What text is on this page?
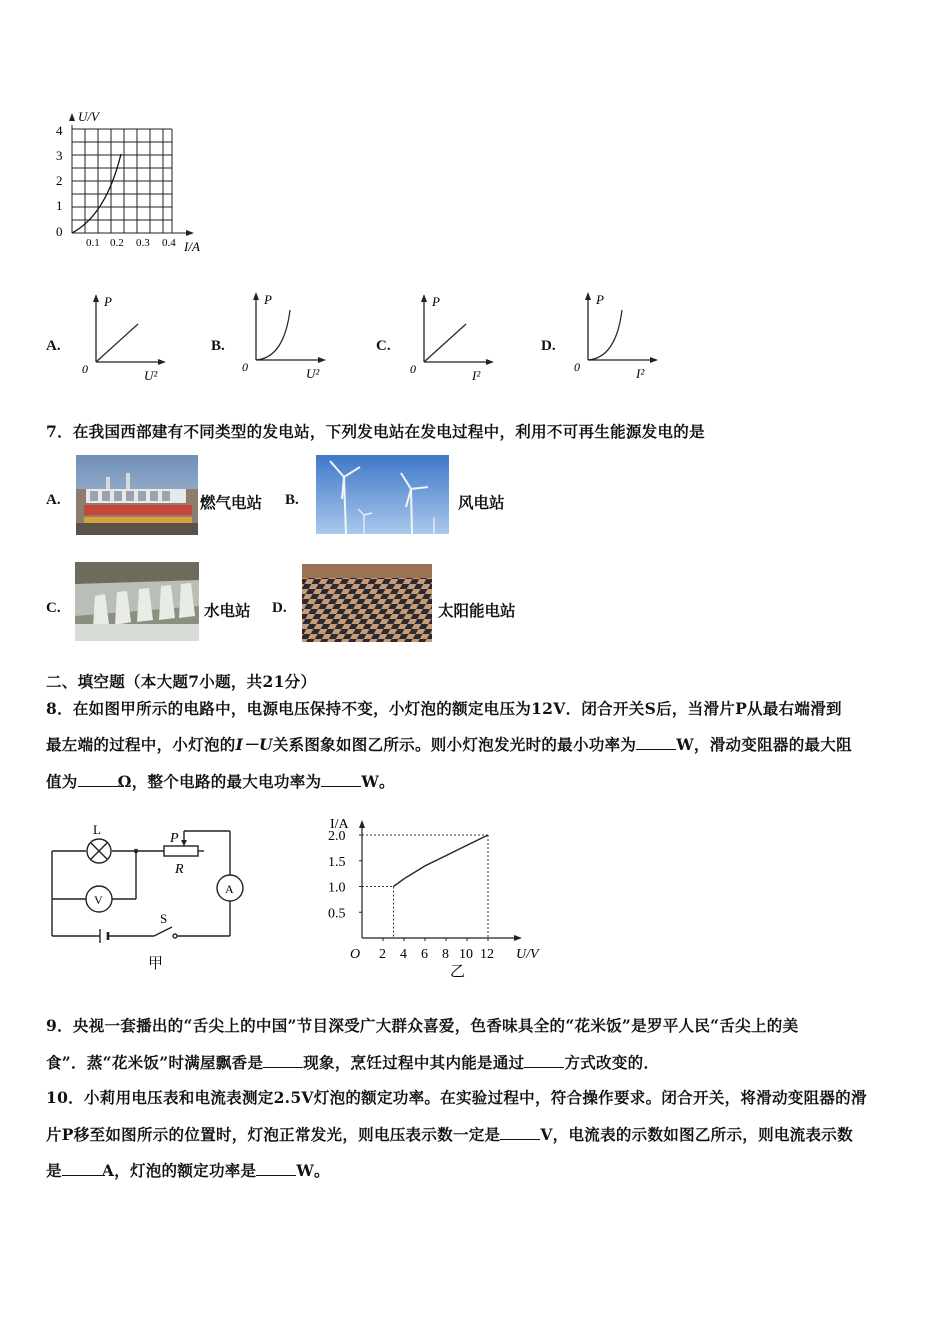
U/V
4
3
2
1
0
0.1 0.2 0.3 0.4 I/A
A.
P
0	U²
B.
P
0	U²
C.
P
0	I²
D.
P
0	I²
7．在我国西部建有不同类型的发电站，下列发电站在发电过程中，利用不可再生能源发电的是
A.	燃气电站 B.	风电站
C.	水电站 D.	太阳能电站
二、填空题（本大题7小题，共21分）
8．在如图甲所示的电路中，电源电压保持不变，小灯泡的额定电压为12V．闭合开关S后，当滑片P从最右端滑到
最左端的过程中，小灯泡的I－U关系图象如图乙所示。则小灯泡发光时的最小功率为	W，滑动变阻器的最大阻
值为	Ω，整个电路的最大电功率为	W。
L
P
R
A
V
S
甲
2.0
1.5
1.0
0.5
2 4 6 8 10 12
I/A
U/V
O
乙
9．央视一套播出的“舌尖上的中国”节目深受广大群众喜爱，色香味具全的“花米饭”是罗平人民“舌尖上的美
食”．蒸“花米饭”时满屋飘香是	现象，烹饪过程中其内能是通过	方式改变的．
10．小莉用电压表和电流表测定2.5V灯泡的额定功率。在实验过程中，符合操作要求。闭合开关，将滑动变阻器的滑
片P移至如图所示的位置时，灯泡正常发光，则电压表示数一定是	V，电流表的示数如图乙所示，则电流表示数
是	A，灯泡的额定功率是	W。
